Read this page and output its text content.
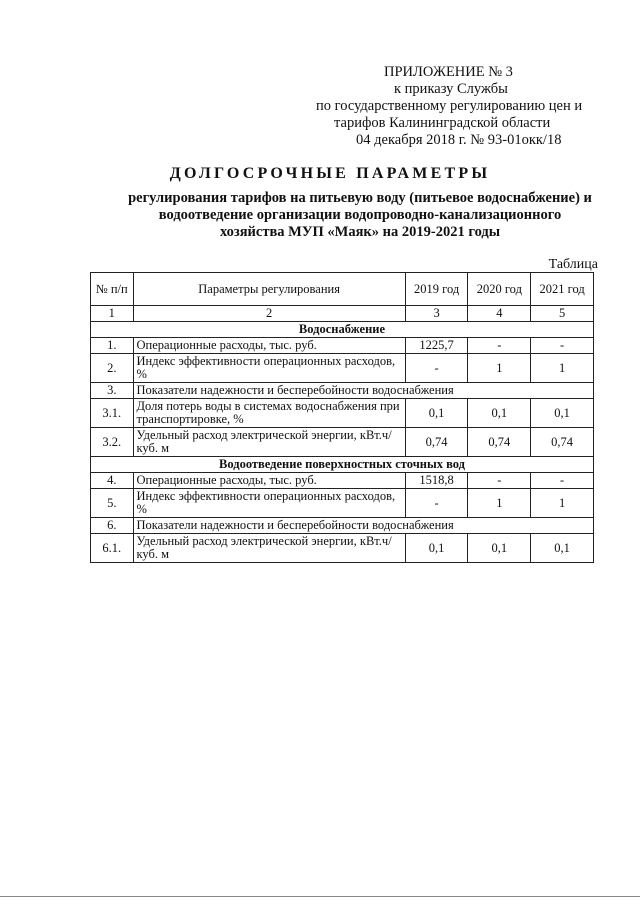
ПРИЛОЖЕНИЕ № 3
к приказу Службы
по государственному регулированию цен и
тарифов Калининградской области
04 декабря 2018 г. № 93-01окк/18
ДОЛГОСРОЧНЫЕ ПАРАМЕТРЫ
регулирования тарифов на питьевую воду (питьевое водоснабжение) и
водоотведение организации водопроводно-канализационного
хозяйства МУП «Маяк» на 2019-2021 годы
Таблица
№ п/п	Параметры регулирования	2019 год	2020 год	2021 год
1	2	3	4	5
Водоснабжение				
1.	Операционные расходы, тыс. руб.	1225,7	-	-
2.	Индекс эффективности операционных расходов, %	-	1	1
3.	Показатели надежности и бесперебойности водоснабжения			
3.1.	Доля потерь воды в системах водоснабжения при транспортировке, %	0,1	0,1	0,1
3.2.	Удельный расход электрической энергии, кВт.ч/ куб. м	0,74	0,74	0,74
Водоотведение поверхностных сточных вод				
4.	Операционные расходы, тыс. руб.	1518,8	-	-
5.	Индекс эффективности операционных расходов, %	-	1	1
6.	Показатели надежности и бесперебойности водоснабжения			
6.1.	Удельный расход электрической энергии, кВт.ч/ куб. м	0,1	0,1	0,1
